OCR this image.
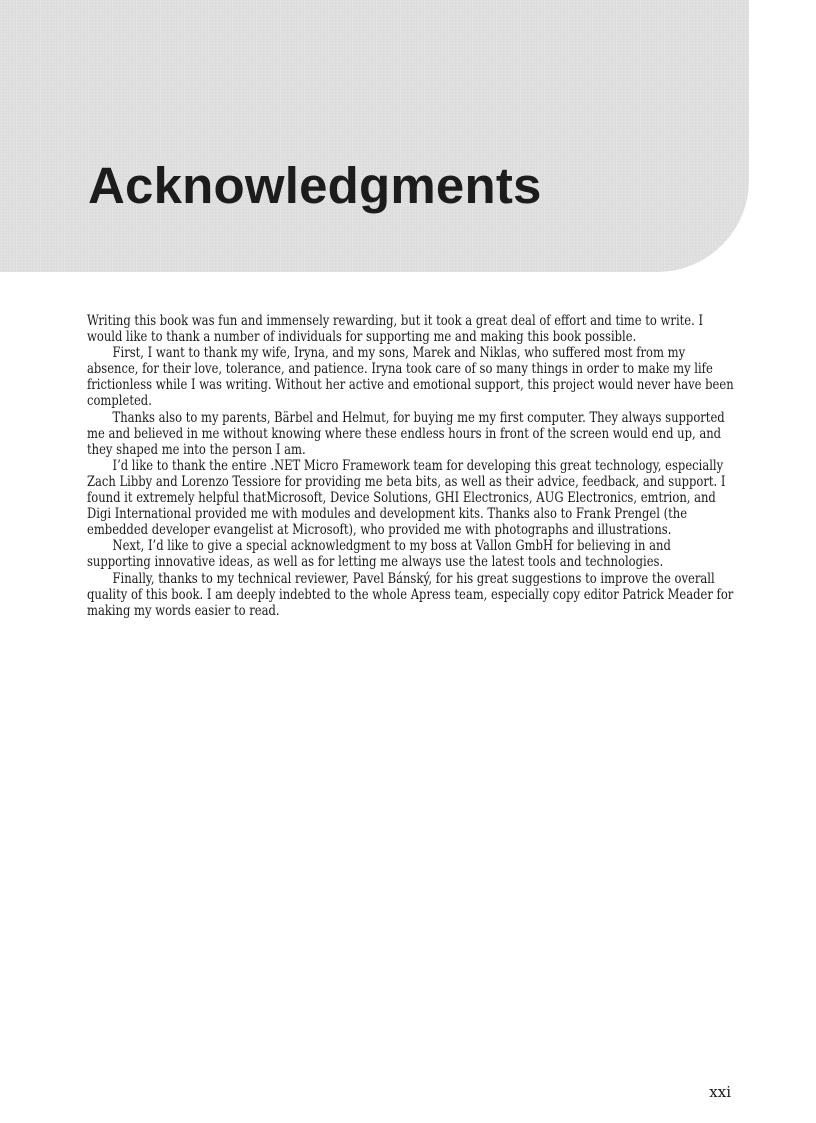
Acknowledgments

Writing this book was fun and immensely rewarding, but it took a great deal of effort and time to write. I would like to thank a number of individuals for supporting me and making this book possible.

First, I want to thank my wife, Iryna, and my sons, Marek and Niklas, who suffered most from my absence, for their love, tolerance, and patience. Iryna took care of so many things in order to make my life frictionless while I was writing. Without her active and emotional support, this project would never have been completed.

Thanks also to my parents, Bärbel and Helmut, for buying me my first computer. They always supported me and believed in me without knowing where these endless hours in front of the screen would end up, and they shaped me into the person I am.

I’d like to thank the entire .NET Micro Framework team for developing this great technology, especially Zach Libby and Lorenzo Tessiore for providing me beta bits, as well as their advice, feedback, and support. I found it extremely helpful thatMicrosoft, Device Solutions, GHI Electronics, AUG Electronics, emtrion, and Digi International provided me with modules and development kits. Thanks also to Frank Prengel (the embedded developer evangelist at Microsoft), who provided me with photographs and illustrations.

Next, I’d like to give a special acknowledgment to my boss at Vallon GmbH for believing in and supporting innovative ideas, as well as for letting me always use the latest tools and technologies.

Finally, thanks to my technical reviewer, Pavel Bánský, for his great suggestions to improve the overall quality of this book. I am deeply indebted to the whole Apress team, especially copy editor Patrick Meader for making my words easier to read.

xxi
